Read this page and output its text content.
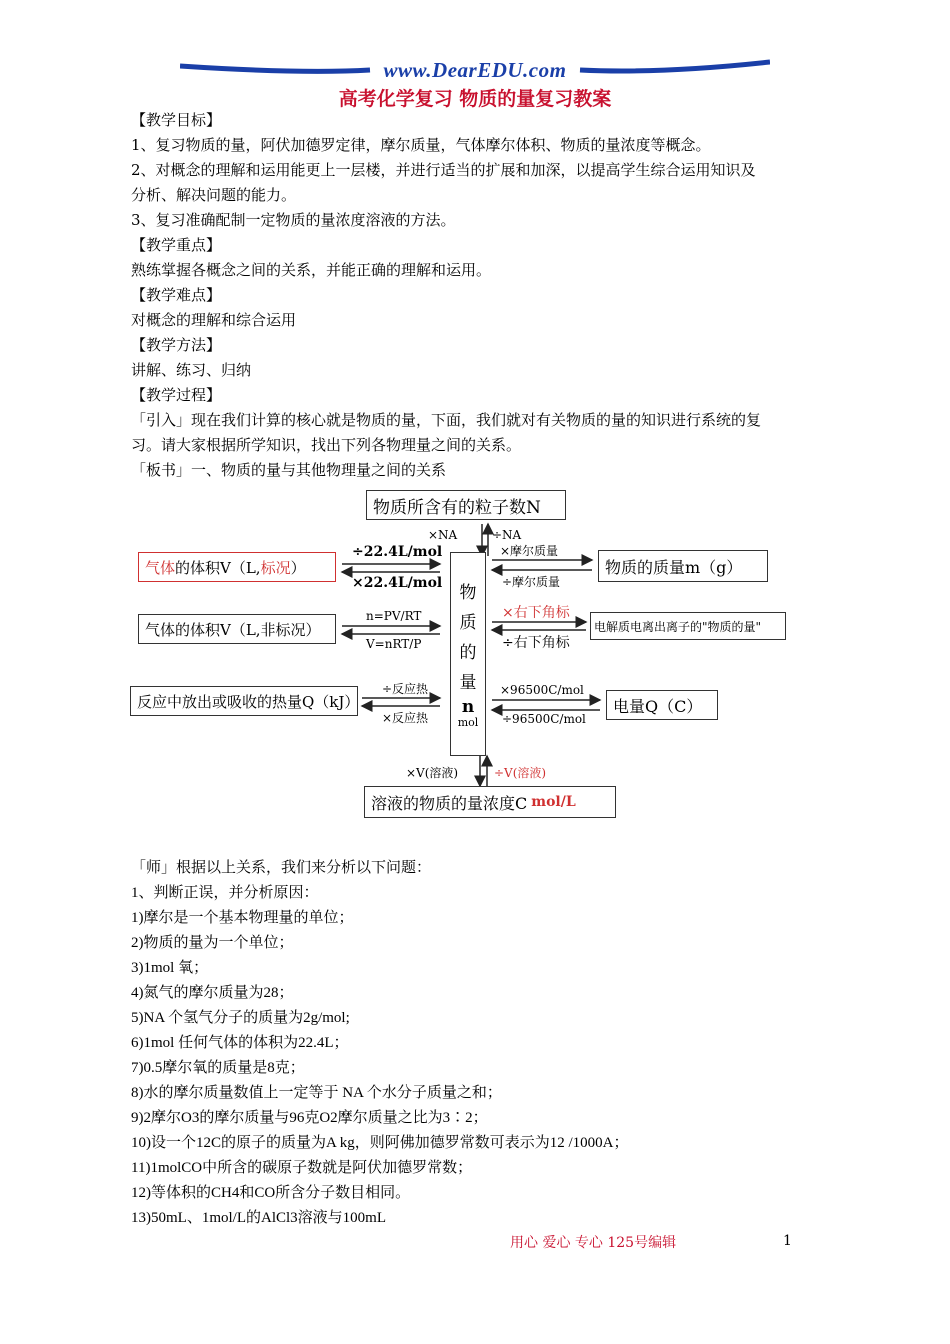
www.DearEDU.com
高考化学复习 物质的量复习教案
【教学目标】
1、复习物质的量，阿伏加德罗定律，摩尔质量，气体摩尔体积、物质的量浓度等概念。
2、对概念的理解和运用能更上一层楼，并进行适当的扩展和加深，以提高学生综合运用知识及
分析、解决问题的能力。
3、复习准确配制一定物质的量浓度溶液的方法。
【教学重点】
熟练掌握各概念之间的关系，并能正确的理解和运用。
【教学难点】
对概念的理解和综合运用
【教学方法】
讲解、练习、归纳
【教学过程】
「引入」现在我们计算的核心就是物质的量，下面，我们就对有关物质的量的知识进行系统的复
习。请大家根据所学知识，找出下列各物理量之间的关系。
「板书」一、物质的量与其他物理量之间的关系
物
质
的
量
n
mol
物质所含有的粒子数N
×NA	÷NA
气体 的体积V（L, 标况 ）
÷22.4L/mol
×22.4L/mol
气体的体积V（L,非标况）
n=PV/RT
V=nRT/P
反应中放出或吸收的热量Q（kJ）
÷反应热
×反应热
物质的质量m（g）
×摩尔质量
÷摩尔质量
电解质电离出离子的"物质的量"
×右下角标
÷右下角标
电量Q（C）
×96500C/mol
÷96500C/mol
×V(溶液)	÷V(溶液)
溶液的物质的量浓度C mol/L
「师」根据以上关系，我们来分析以下问题：
1、判断正误，并分析原因：
1)摩尔是一个基本物理量的单位；
2)物质的量为一个单位；
3)1mol 氧；
4)氮气的摩尔质量为28；
5)NA 个氢气分子的质量为2g/mol;
6)1mol 任何气体的体积为22.4L；
7)0.5摩尔氧的质量是8克；
8)水的摩尔质量数值上一定等于 NA 个水分子质量之和；
9)2摩尔O3的摩尔质量与96克O2摩尔质量之比为3∶2；
10)设一个12C的原子的质量为A kg，则阿佛加德罗常数可表示为12 /1000A；
11)1molCO中所含的碳原子数就是阿伏加德罗常数；
12)等体积的CH4和CO所含分子数目相同。
13)50mL、1mol/L的AlCl3溶液与100mL
用心 爱心 专心 125号编辑	1
